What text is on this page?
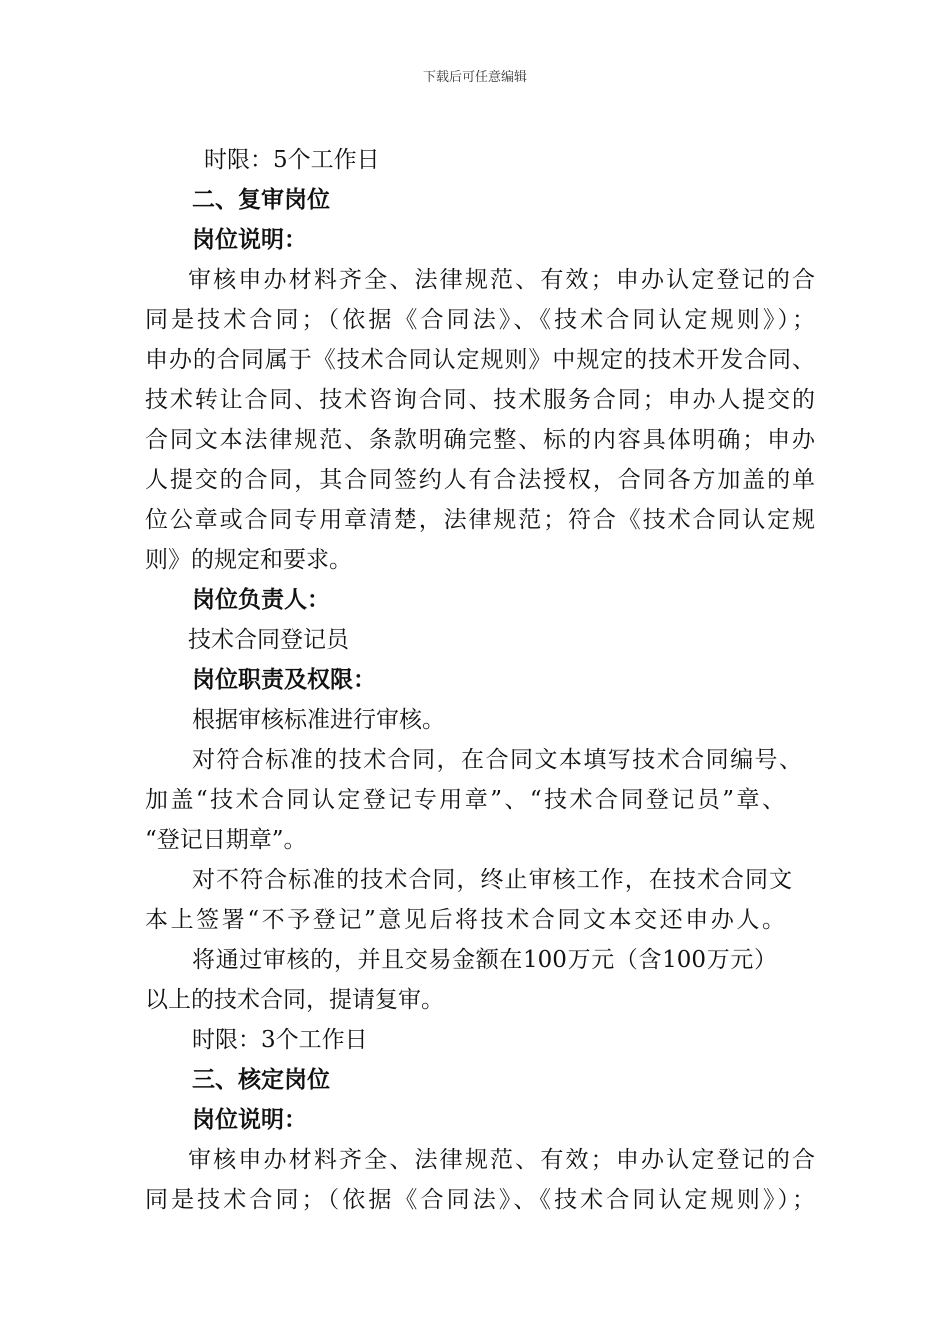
下载后可任意编辑
时限：5个工作日
二、复审岗位
岗位说明：
审核申办材料齐全、法律规范、有效；申办认定登记的合
同是技术合同；（依据《合同法》、《技术合同认定规则》）；
申办的合同属于《技术合同认定规则》中规定的技术开发合同、
技术转让合同、技术咨询合同、技术服务合同；申办人提交的
合同文本法律规范、条款明确完整、标的内容具体明确；申办
人提交的合同，其合同签约人有合法授权，合同各方加盖的单
位公章或合同专用章清楚，法律规范；符合《技术合同认定规
则》的规定和要求。
岗位负责人：
技术合同登记员
岗位职责及权限：
根据审核标准进行审核。
对符合标准的技术合同，在合同文本填写技术合同编号、
加盖“技术合同认定登记专用章”、“技术合同登记员”章、
“登记日期章”。
对不符合标准的技术合同，终止审核工作，在技术合同文
本上签署“不予登记”意见后将技术合同文本交还申办人。
将通过审核的，并且交易金额在100万元（含100万元）
以上的技术合同，提请复审。
时限：3个工作日
三、核定岗位
岗位说明：
审核申办材料齐全、法律规范、有效；申办认定登记的合
同是技术合同；（依据《合同法》、《技术合同认定规则》）；
